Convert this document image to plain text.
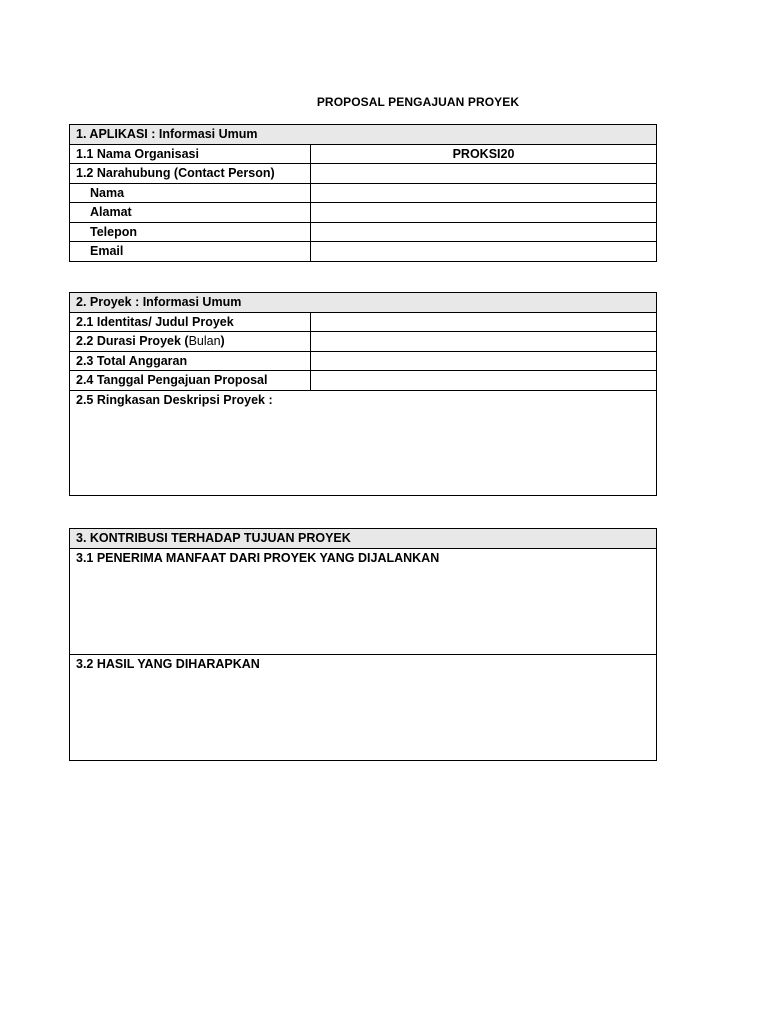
PROPOSAL PENGAJUAN PROYEK
1. APLIKASI : Informasi Umum	
1.1 Nama Organisasi	PROKSI20
1.2 Narahubung (Contact Person)	
Nama	
Alamat	
Telepon	
Email	
2. Proyek : Informasi Umum	
2.1 Identitas/ Judul Proyek	
2.2 Durasi Proyek (Bulan)	
2.3 Total Anggaran	
2.4 Tanggal Pengajuan Proposal	
2.5 Ringkasan Deskripsi Proyek :	
3. KONTRIBUSI TERHADAP TUJUAN PROYEK
3.1 PENERIMA MANFAAT DARI PROYEK YANG DIJALANKAN
3.2 HASIL YANG DIHARAPKAN
